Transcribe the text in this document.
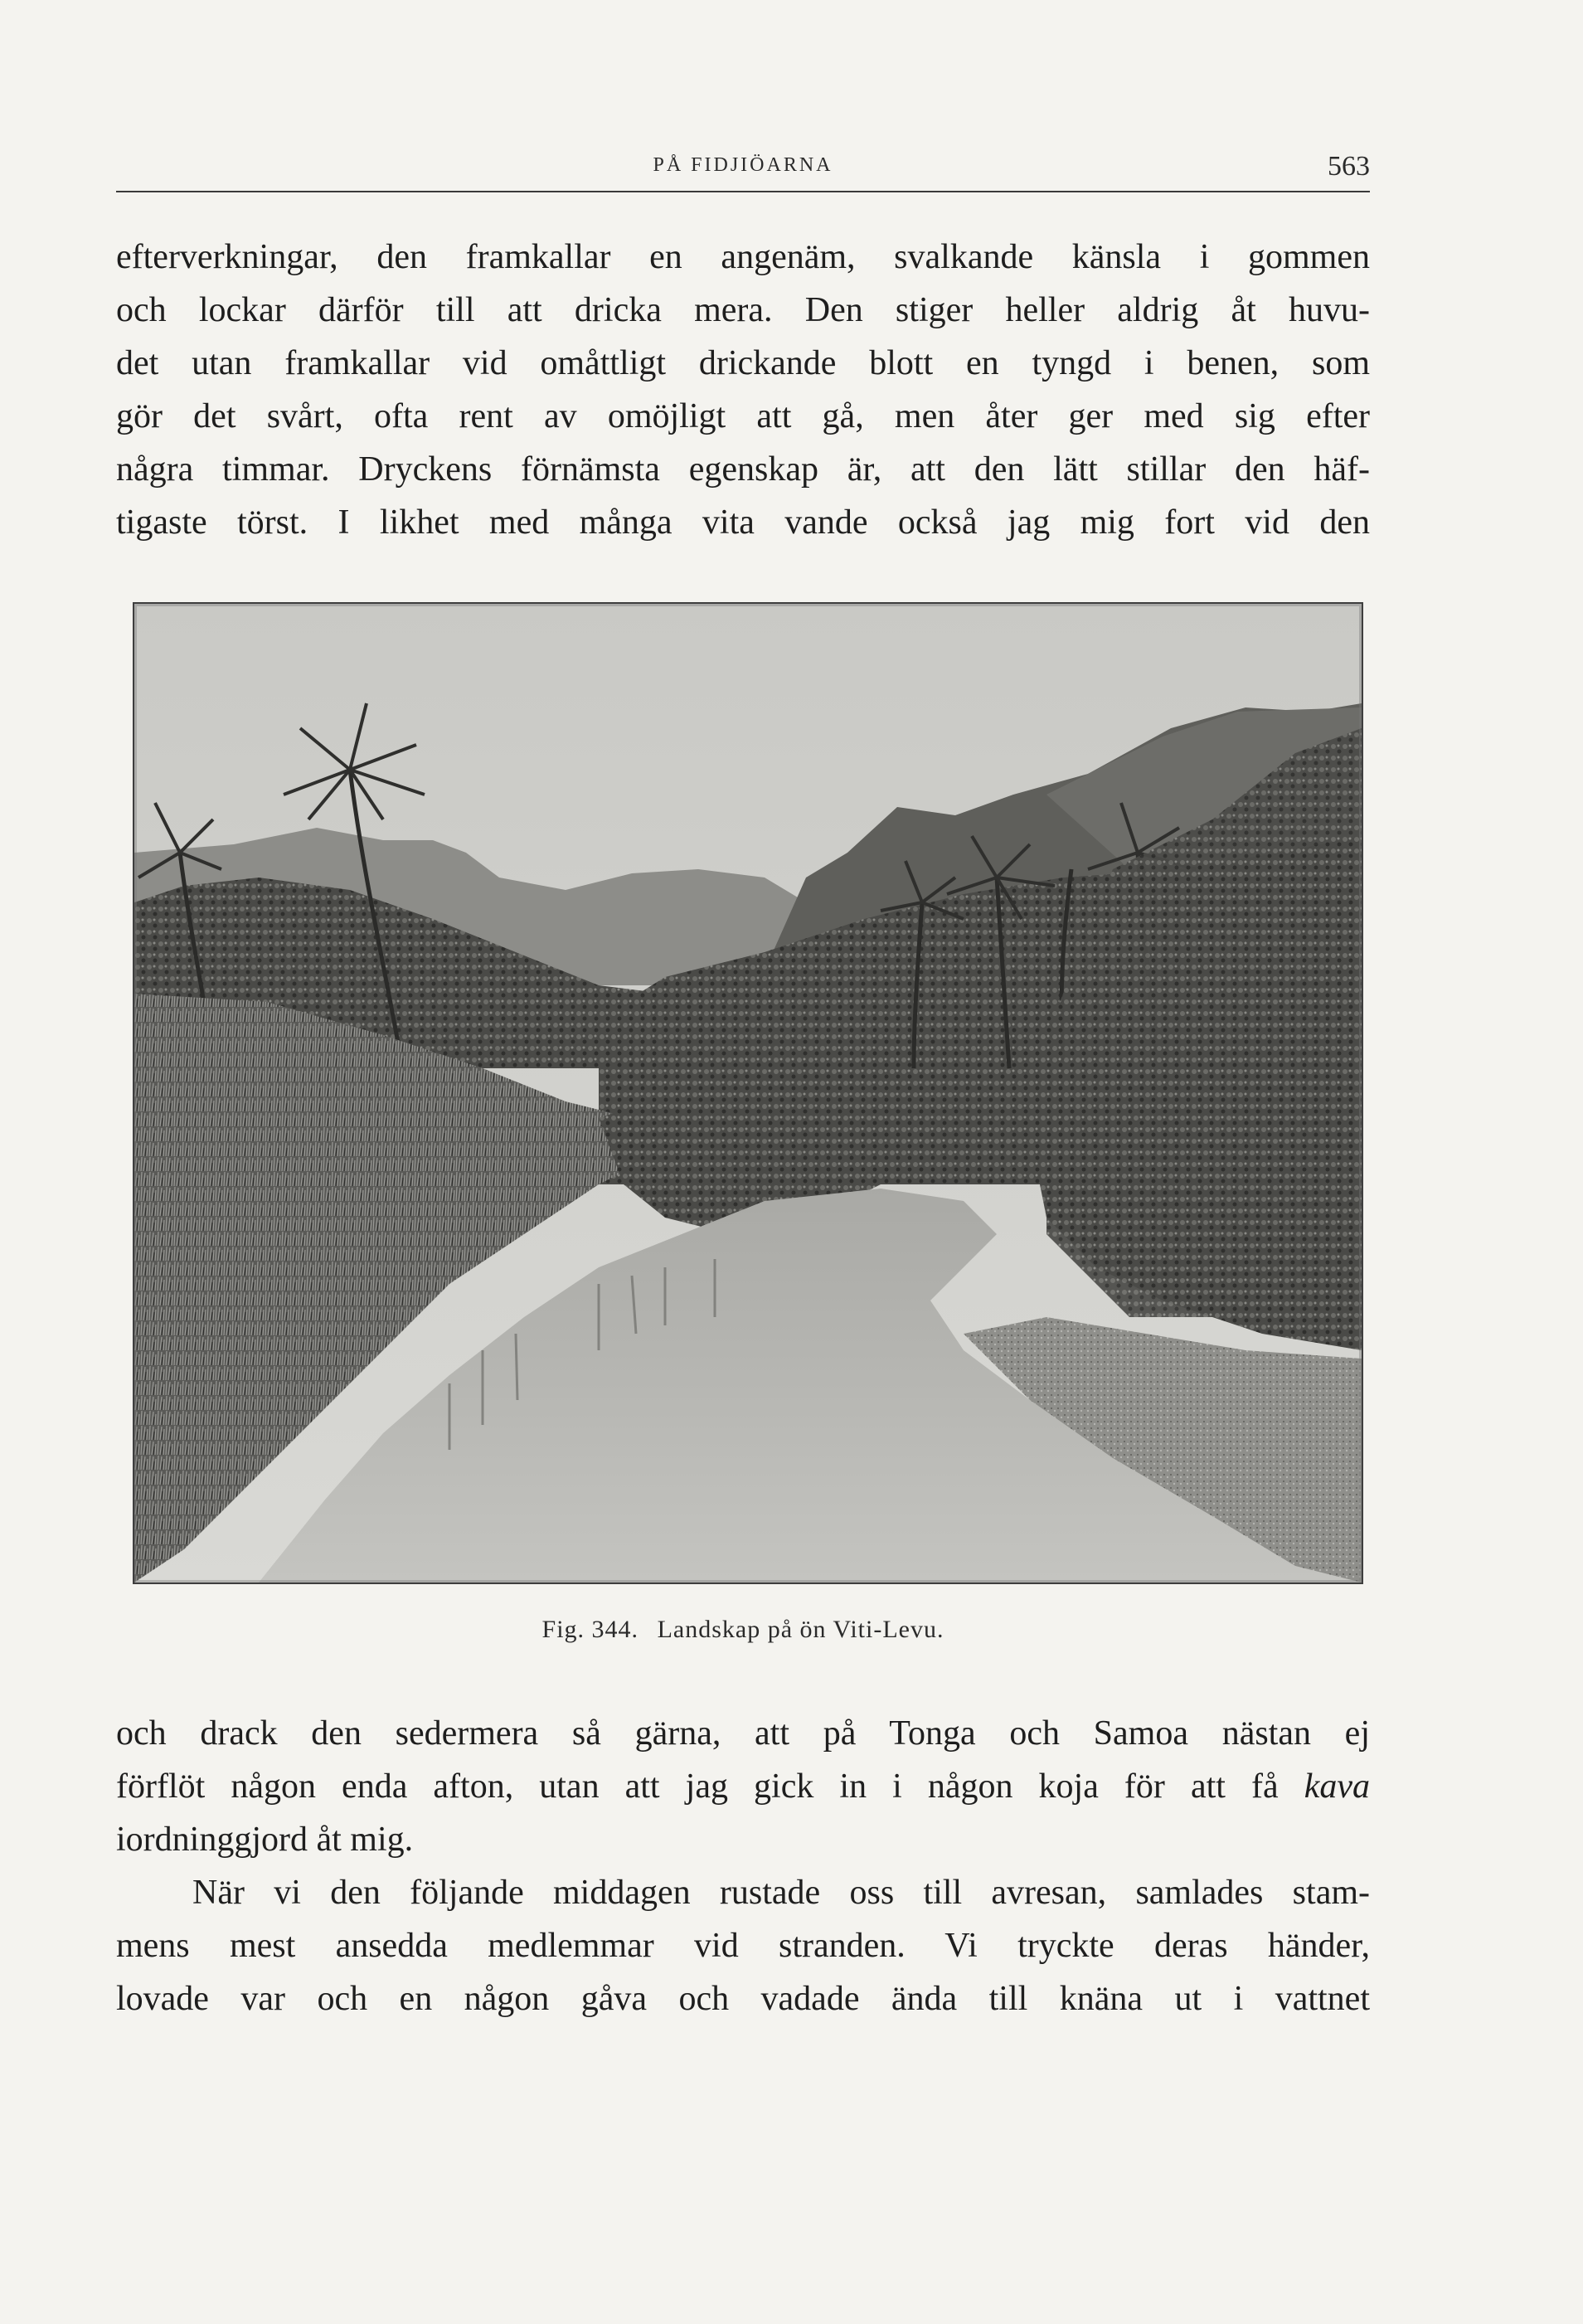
PÅ FIDJIÖARNA	563
efterverkningar, den framkallar en angenäm, svalkande känsla i gommen
och lockar därför till att dricka mera. Den stiger heller aldrig åt huvu-
det utan framkallar vid omåttligt drickande blott en tyngd i benen, som
gör det svårt, ofta rent av omöjligt att gå, men åter ger med sig efter
några timmar. Dryckens förnämsta egenskap är, att den lätt stillar den häf-
tigaste törst. I likhet med många vita vande också jag mig fort vid den
Fig. 344. Landskap på ön Viti-Levu.
och drack den sedermera så gärna, att på Tonga och Samoa nästan ej
förflöt någon enda afton, utan att jag gick in i någon koja för att få kava
iordninggjord åt mig.
När vi den följande middagen rustade oss till avresan, samlades stam-
mens mest ansedda medlemmar vid stranden. Vi tryckte deras händer,
lovade var och en någon gåva och vadade ända till knäna ut i vattnet
